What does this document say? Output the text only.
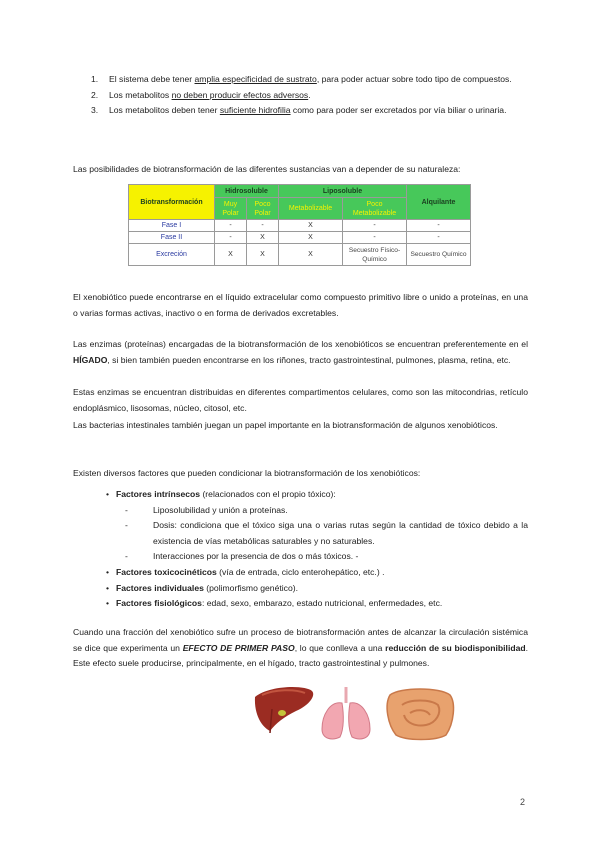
1. El sistema debe tener amplia especificidad de sustrato, para poder actuar sobre todo tipo de compuestos.
2. Los metabolitos no deben producir efectos adversos.
3. Los metabolitos deben tener suficiente hidrofilia como para poder ser excretados por vía biliar o urinaria.
Las posibilidades de biotransformación de las diferentes sustancias van a depender de su naturaleza:
Biotransformación	Hidrosoluble		Liposoluble		Alquilante
	Muy Polar	Poco Polar	Metabolizable	Poco Metabolizable	
Fase I	-	-	X	-	-
Fase II	-	X	X	-	-
Excreción	X	X	X	Secuestro Físico-Químico	Secuestro Químico
El xenobiótico puede encontrarse en el líquido extracelular como compuesto primitivo libre o unido a proteínas, en una o varias formas activas, inactivo o en forma de derivados excretables.
Las enzimas (proteínas) encargadas de la biotransformación de los xenobióticos se encuentran preferentemente en el HÍGADO, si bien también pueden encontrarse en los riñones, tracto gastrointestinal, pulmones, plasma, retina, etc.
Estas enzimas se encuentran distribuidas en diferentes compartimentos celulares, como son las mitocondrias, retículo endoplásmico, lisosomas, núcleo, citosol, etc.
Las bacterias intestinales también juegan un papel importante en la biotransformación de algunos xenobióticos.
Existen diversos factores que pueden condicionar la biotransformación de los xenobióticos:
• Factores intrínsecos (relacionados con el propio tóxico):
-	Liposolubilidad y unión a proteínas.
-	Dosis: condiciona que el tóxico siga una o varias rutas según la cantidad de tóxico debido a la existencia de vías metabólicas saturables y no saturables.
-	Interacciones por la presencia de dos o más tóxicos. -
• Factores toxicocinéticos (vía de entrada, ciclo enterohepático, etc.) .
• Factores individuales (polimorfismo genético).
• Factores fisiológicos: edad, sexo, embarazo, estado nutricional, enfermedades, etc.
Cuando una fracción del xenobiótico sufre un proceso de biotransformación antes de alcanzar la circulación sistémica se dice que experimenta un EFECTO DE PRIMER PASO, lo que conlleva a una reducción de su biodisponibilidad. Este efecto suele producirse, principalmente, en el hígado, tracto gastrointestinal y pulmones.
2
